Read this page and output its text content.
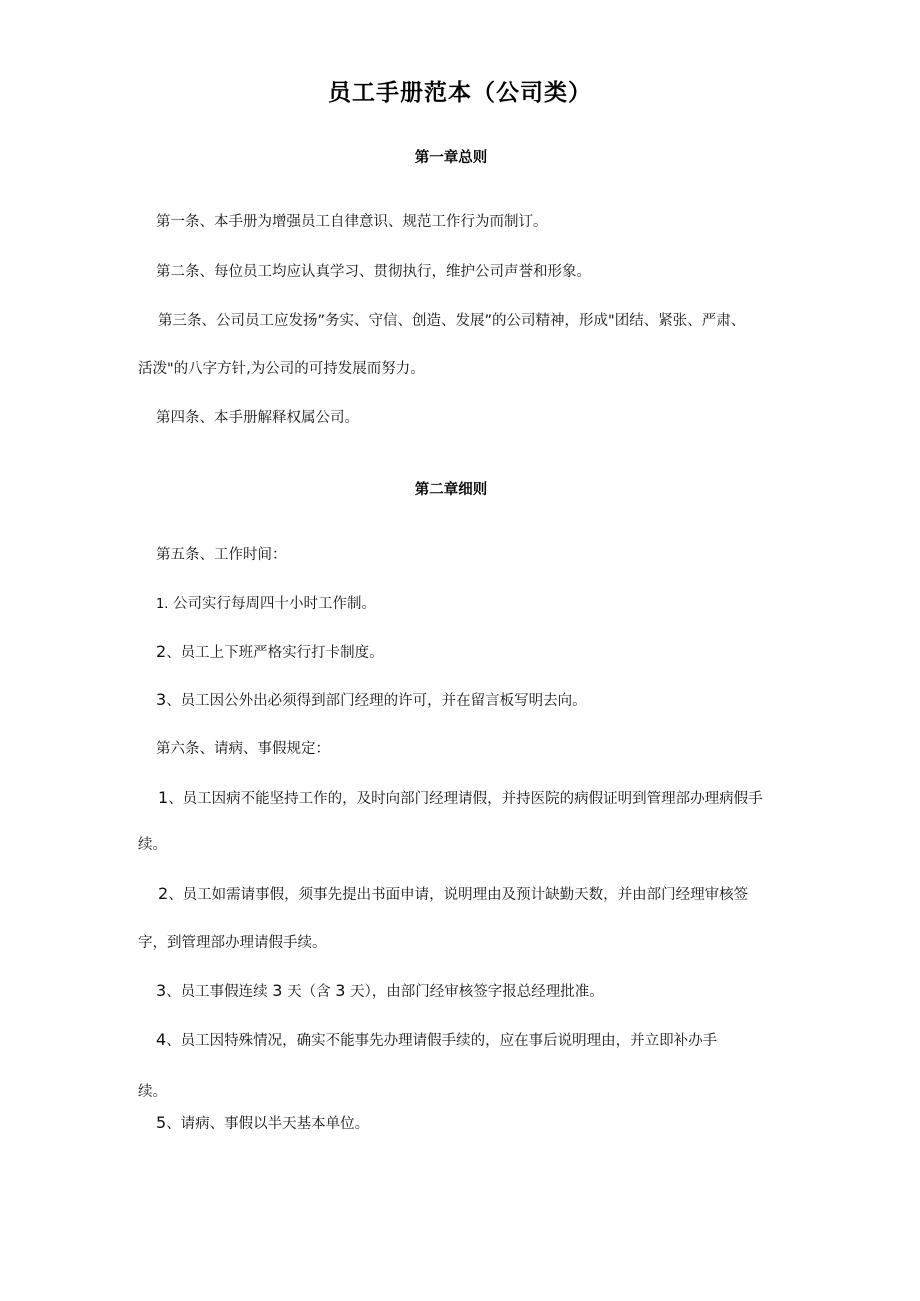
员工手册范本（公司类）
第一章总则
第一条、本手册为增强员工自律意识、规范工作行为而制订。
第二条、每位员工均应认真学习、贯彻执行，维护公司声誉和形象。
第三条、公司员工应发扬”务实、守信、创造、发展”的公司精神，形成"团结、紧张、严肃、
活泼"的八字方针,为公司的可持发展而努力。
第四条、本手册解释权属公司。
第二章细则
第五条、工作时间：
1. 公司实行每周四十小时工作制。
2、员工上下班严格实行打卡制度。
3、员工因公外出必须得到部门经理的许可，并在留言板写明去向。
第六条、请病、事假规定：
1、员工因病不能坚持工作的，及时向部门经理请假，并持医院的病假证明到管理部办理病假手
续。
2、员工如需请事假，须事先提出书面申请，说明理由及预计缺勤天数，并由部门经理审核签
字，到管理部办理请假手续。
3、员工事假连续 3 天（含 3 天），由部门经审核签字报总经理批准。
4、员工因特殊情况，确实不能事先办理请假手续的，应在事后说明理由，并立即补办手
续。
5、请病、事假以半天基本单位。
